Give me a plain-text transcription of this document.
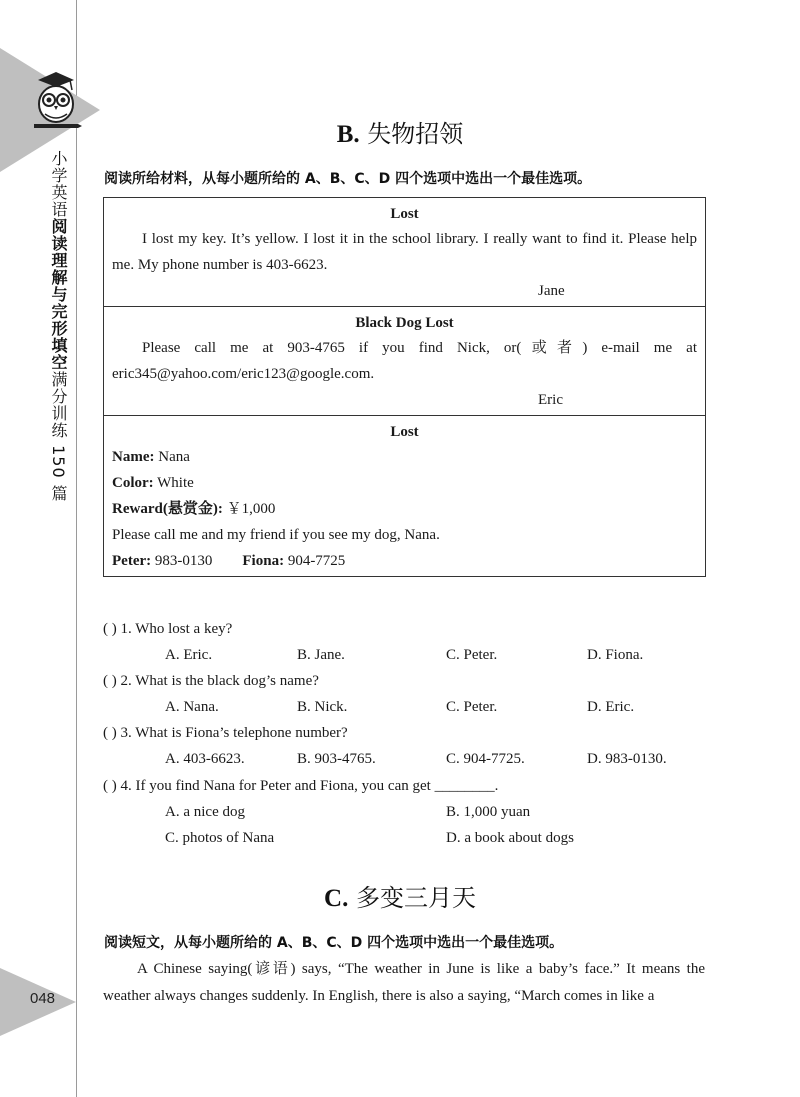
小学英语阅读理解与完形填空满分训练 150 篇
048
B. 失物招领
阅读所给材料，从每小题所给的 A、B、C、D 四个选项中选出一个最佳选项。
Lost
I lost my key. It’s yellow. I lost it in the school library. I really want to find it. Please help me. My phone number is 403-6623.
Jane
Black Dog Lost
Please call me at 903-4765 if you find Nick, or(或者) e-mail me at eric345@yahoo.com/eric123@google.com.
Eric
Lost
Name: Nana
Color: White
Reward(悬赏金): ￥1,000
Please call me and my friend if you see my dog, Nana.
Peter: 983-0130 Fiona: 904-7725
( ) 1. Who lost a key?
A. Eric.	B. Jane.	C. Peter.	D. Fiona.
( ) 2. What is the black dog’s name?
A. Nana.	B. Nick.	C. Peter.	D. Eric.
( ) 3. What is Fiona’s telephone number?
A. 403-6623.	B. 903-4765.	C. 904-7725.	D. 983-0130.
( ) 4. If you find Nana for Peter and Fiona, you can get ________.
A. a nice dog	B. 1,000 yuan
C. photos of Nana	D. a book about dogs
C. 多变三月天
阅读短文，从每小题所给的 A、B、C、D 四个选项中选出一个最佳选项。
A Chinese saying(谚语) says, “The weather in June is like a baby’s face.” It means the weather always changes suddenly. In English, there is also a saying, “March comes in like a
